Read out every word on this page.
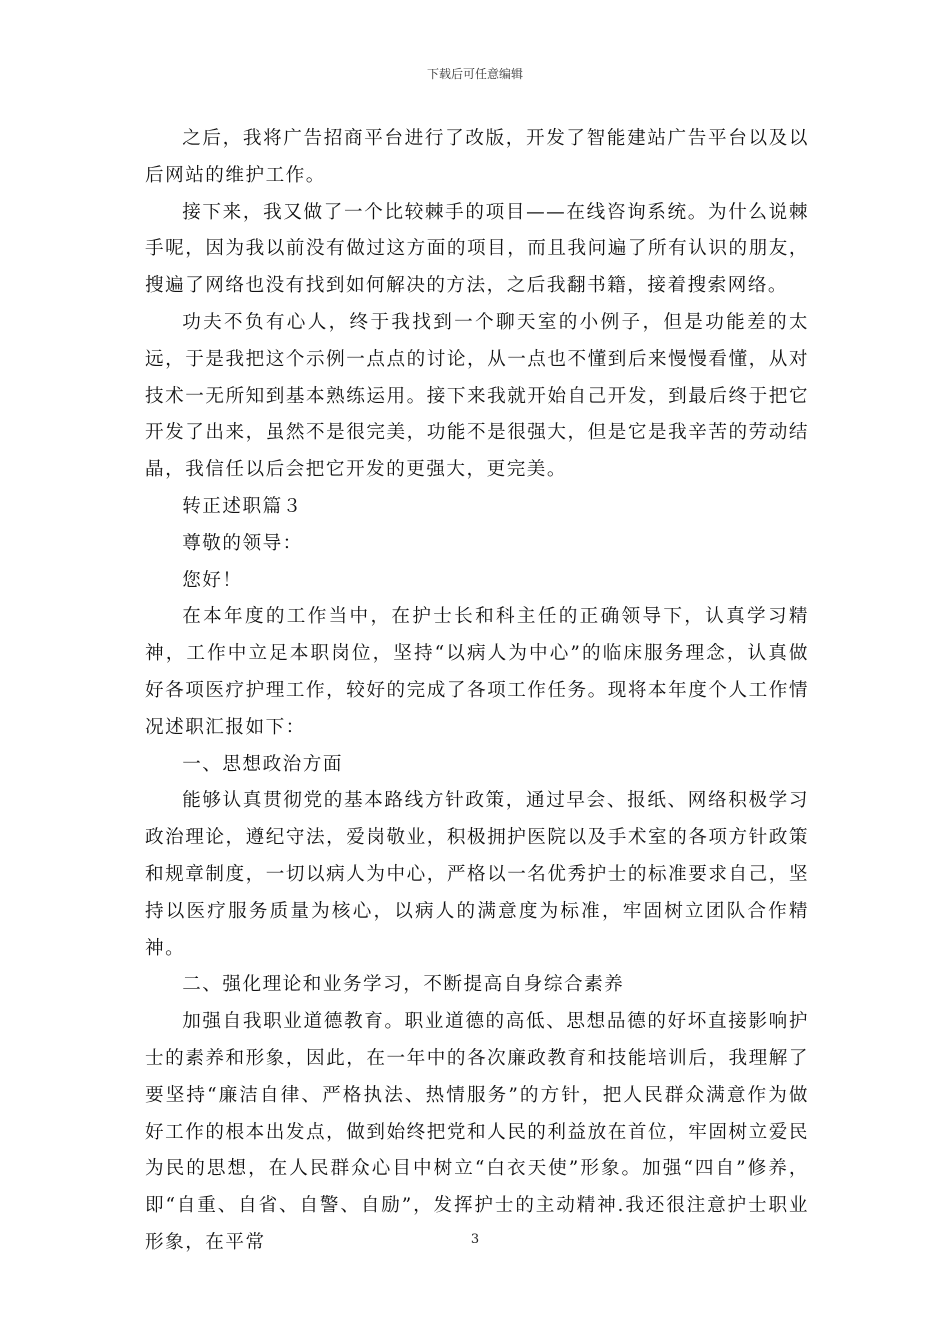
下载后可任意编辑

之后，我将广告招商平台进行了改版，开发了智能建站广告平台以及以后网站的维护工作。

接下来，我又做了一个比较棘手的项目——在线咨询系统。为什么说棘手呢，因为我以前没有做过这方面的项目，而且我问遍了所有认识的朋友，搜遍了网络也没有找到如何解决的方法，之后我翻书籍，接着搜索网络。

功夫不负有心人，终于我找到一个聊天室的小例子，但是功能差的太远，于是我把这个示例一点点的讨论，从一点也不懂到后来慢慢看懂，从对技术一无所知到基本熟练运用。接下来我就开始自己开发，到最后终于把它开发了出来，虽然不是很完美，功能不是很强大，但是它是我辛苦的劳动结晶，我信任以后会把它开发的更强大，更完美。

转正述职篇３

尊敬的领导：

您好！

在本年度的工作当中，在护士长和科主任的正确领导下，认真学习精神，工作中立足本职岗位，坚持“以病人为中心”的临床服务理念，认真做好各项医疗护理工作，较好的完成了各项工作任务。现将本年度个人工作情况述职汇报如下：

一、思想政治方面

能够认真贯彻党的基本路线方针政策，通过早会、报纸、网络积极学习政治理论，遵纪守法，爱岗敬业，积极拥护医院以及手术室的各项方针政策和规章制度，一切以病人为中心，严格以一名优秀护士的标准要求自己，坚持以医疗服务质量为核心，以病人的满意度为标准，牢固树立团队合作精神。

二、强化理论和业务学习，不断提高自身综合素养

加强自我职业道德教育。职业道德的高低、思想品德的好坏直接影响护士的素养和形象，因此，在一年中的各次廉政教育和技能培训后，我理解了要坚持“廉洁自律、严格执法、热情服务”的方针，把人民群众满意作为做好工作的根本出发点，做到始终把党和人民的利益放在首位，牢固树立爱民为民的思想，在人民群众心目中树立“白衣天使”形象。加强“四自”修养，即“自重、自省、自警、自励”，发挥护士的主动精神.我还很注意护士职业形象，在平常	3
